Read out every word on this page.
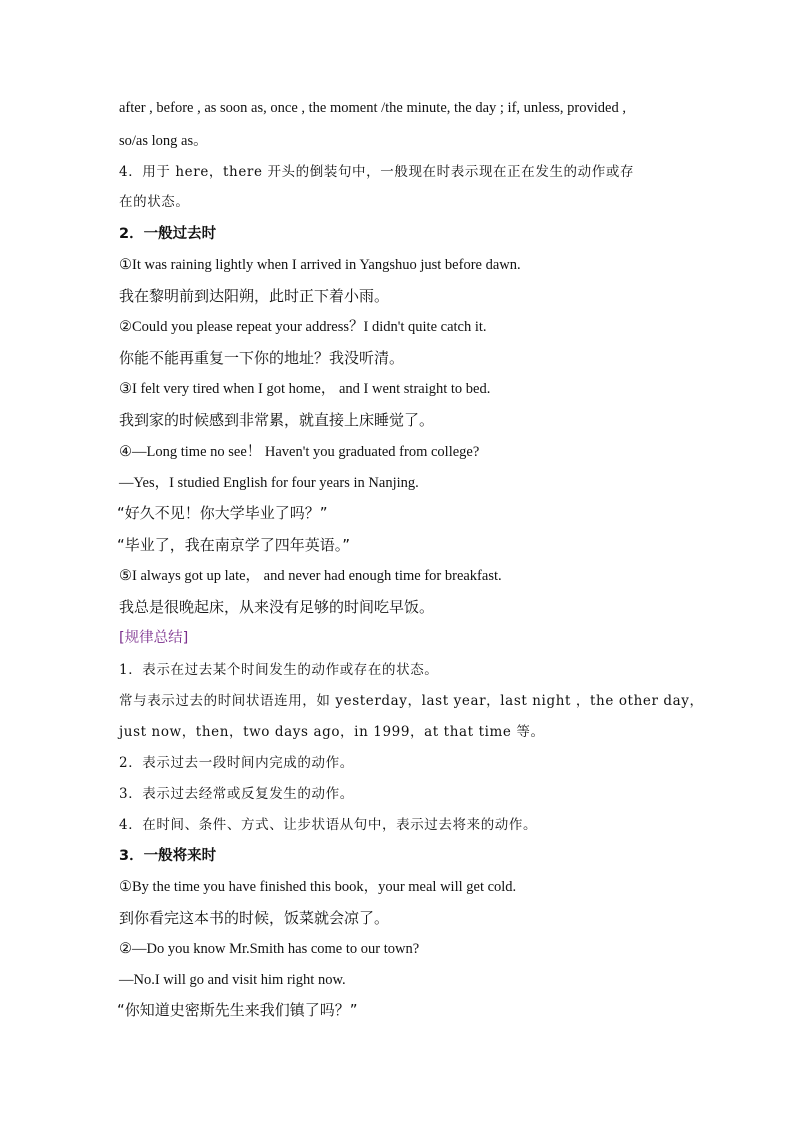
after , before , as soon as, once , the moment /the minute, the day ; if, unless, provided ,
so/as long as。
4．用于 here，there 开头的倒装句中，一般现在时表示现在正在发生的动作或存
在的状态。
2．一般过去时
①It was raining lightly when I arrived in Yangshuo just before dawn.
我在黎明前到达阳朔，此时正下着小雨。
②Could you please repeat your address？I didn't quite catch it.
你能不能再重复一下你的地址？我没听清。
③I felt very tired when I got home， and I went straight to bed.
我到家的时候感到非常累，就直接上床睡觉了。
④—Long time no see！ Haven't you graduated from college?
—Yes，I studied English for four years in Nanjing.
“好久不见！你大学毕业了吗？”
“毕业了，我在南京学了四年英语。”
⑤I always got up late， and never had enough time for breakfast.
我总是很晚起床，从来没有足够的时间吃早饭。
[规律总结]
1．表示在过去某个时间发生的动作或存在的状态。
常与表示过去的时间状语连用，如 yesterday，last year，last night ，the other day，
just now，then，two days ago，in 1999，at that time 等。
2．表示过去一段时间内完成的动作。
3．表示过去经常或反复发生的动作。
4．在时间、条件、方式、让步状语从句中，表示过去将来的动作。
3．一般将来时
①By the time you have finished this book，your meal will get cold.
到你看完这本书的时候，饭菜就会凉了。
②—Do you know Mr.Smith has come to our town?
—No.I will go and visit him right now.
“你知道史密斯先生来我们镇了吗？”
